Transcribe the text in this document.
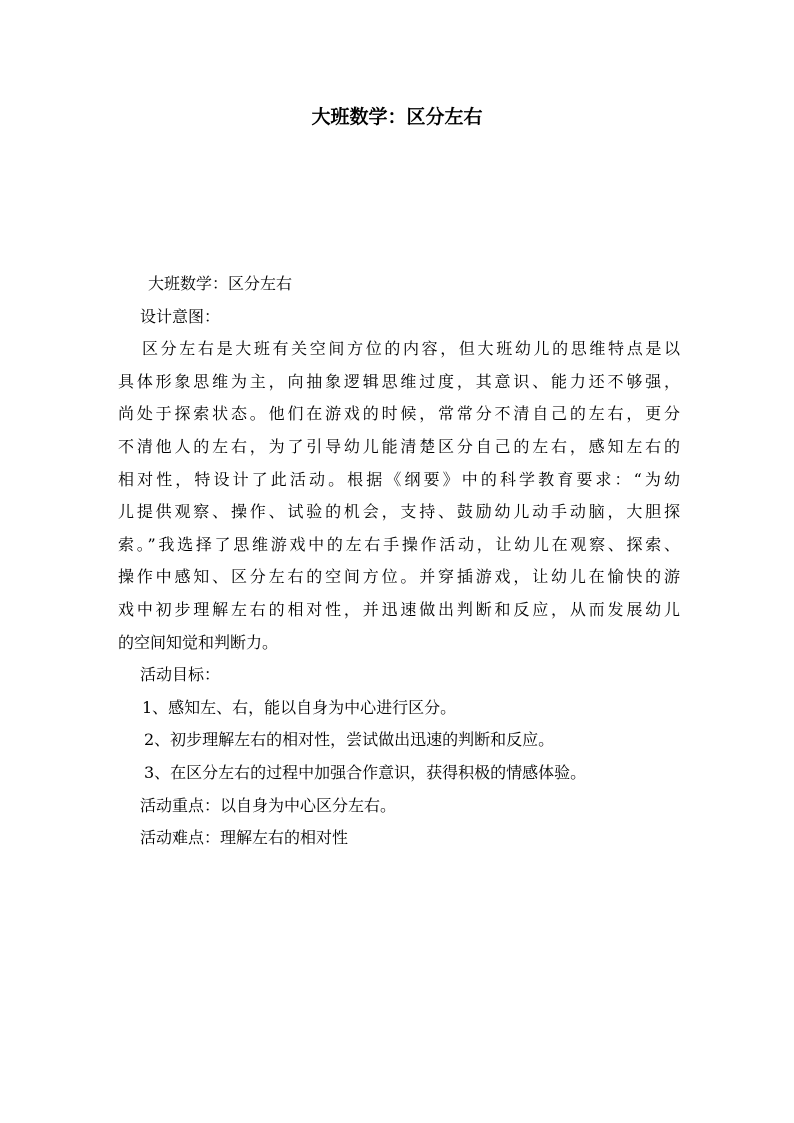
大班数学：区分左右
大班数学：区分左右
设计意图：
区分左右是大班有关空间方位的内容，但大班幼儿的思维特点是以
具体形象思维为主，向抽象逻辑思维过度，其意识、能力还不够强，
尚处于探索状态。他们在游戏的时候，常常分不清自己的左右，更分
不清他人的左右，为了引导幼儿能清楚区分自己的左右，感知左右的
相对性，特设计了此活动。根据《纲要》中的科学教育要求：“为幼
儿提供观察、操作、试验的机会，支持、鼓励幼儿动手动脑，大胆探
索。”我选择了思维游戏中的左右手操作活动，让幼儿在观察、探索、
操作中感知、区分左右的空间方位。并穿插游戏，让幼儿在愉快的游
戏中初步理解左右的相对性，并迅速做出判断和反应，从而发展幼儿
的空间知觉和判断力。
活动目标：
1、感知左、右，能以自身为中心进行区分。
2、初步理解左右的相对性，尝试做出迅速的判断和反应。
3、在区分左右的过程中加强合作意识，获得积极的情感体验。
活动重点：以自身为中心区分左右。
活动难点：理解左右的相对性
